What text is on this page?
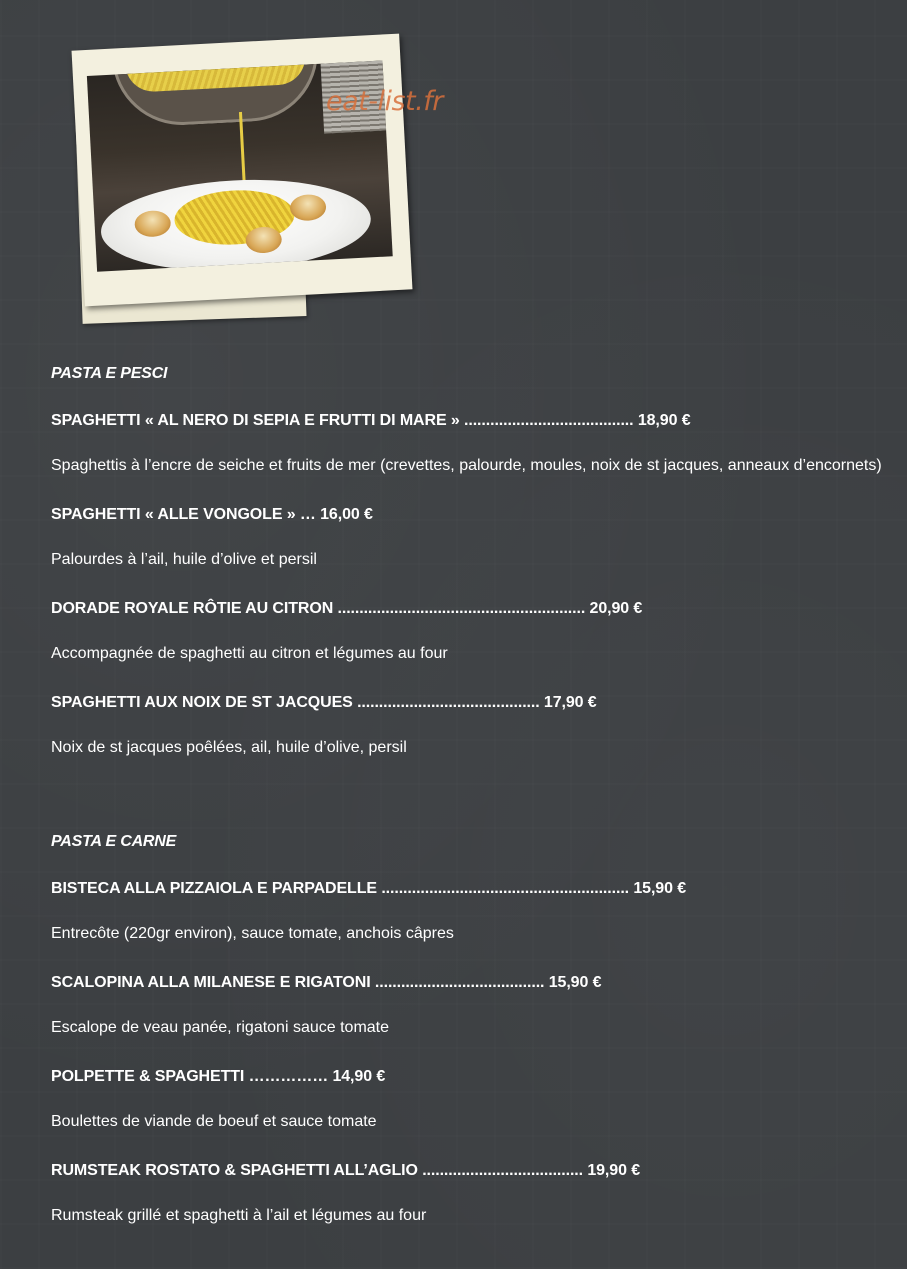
eat-list.fr
PASTA E PESCI

SPAGHETTI « AL NERO DI SEPIA E FRUTTI DI MARE » ....................................... 18,90 €

Spaghettis à l’encre de seiche et fruits de mer (crevettes, palourde, moules, noix de st jacques, anneaux d’encornets)

SPAGHETTI « ALLE VONGOLE » … 16,00 €

Palourdes à l’ail, huile d’olive et persil

DORADE ROYALE RÔTIE AU CITRON ......................................................... 20,90 €

Accompagnée de spaghetti au citron et légumes au four

SPAGHETTI AUX NOIX DE ST JACQUES .......................................... 17,90 €

Noix de st jacques poêlées, ail, huile d’olive, persil

PASTA E CARNE

BISTECA ALLA PIZZAIOLA E PARPADELLE ......................................................... 15,90 €

Entrecôte (220gr environ), sauce tomate, anchois câpres

SCALOPINA ALLA MILANESE E RIGATONI ....................................... 15,90 €

Escalope de veau panée, rigatoni sauce tomate

POLPETTE & SPAGHETTI …………… 14,90 €

Boulettes de viande de boeuf et sauce tomate

RUMSTEAK ROSTATO & SPAGHETTI ALL’AGLIO ..................................... 19,90 €

Rumsteak grillé et spaghetti à l’ail et légumes au four
